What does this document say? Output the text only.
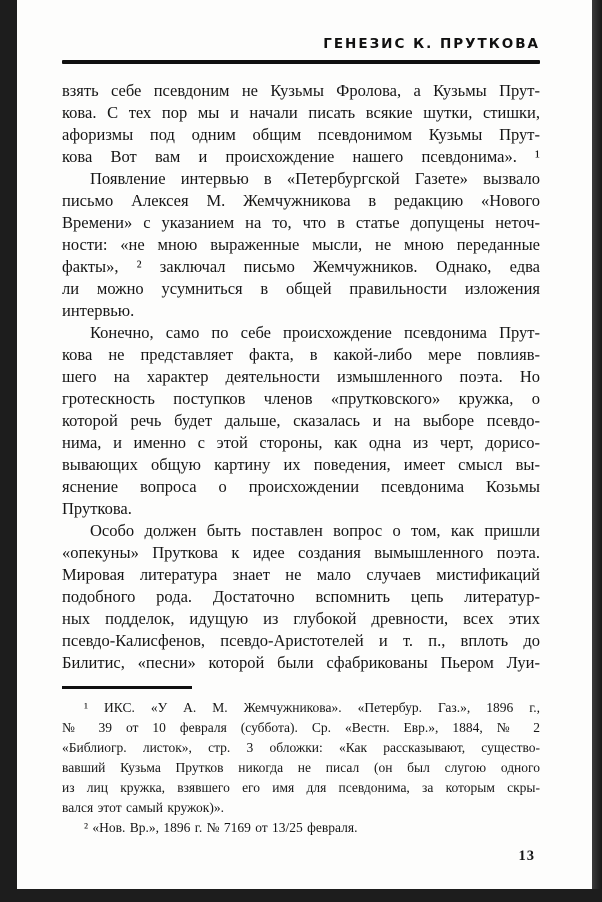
ГЕНЕЗИС К. ПРУТКОВА
взять себе псевдоним не Кузьмы Фролова, а Кузьмы Прут-
кова. С тех пор мы и начали писать всякие шутки, стишки,
афоризмы под одним общим псевдонимом Кузьмы Прут-
кова Вот вам и происхождение нашего псевдонима». ¹
Появление интервью в «Петербургской Газете» вызвало
письмо Алексея М. Жемчужникова в редакцию «Нового
Времени» с указанием на то, что в статье допущены неточ-
ности: «не мною выраженные мысли, не мною переданные
факты», ² заключал письмо Жемчужников. Однако, едва
ли можно усумниться в общей правильности изложения
интервью.
Конечно, само по себе происхождение псевдонима Прут-
кова не представляет факта, в какой-либо мере повлияв-
шего на характер деятельности измышленного поэта. Но
гротескность поступков членов «прутковского» кружка, о
которой речь будет дальше, сказалась и на выборе псевдо-
нима, и именно с этой стороны, как одна из черт, дорисо-
вывающих общую картину их поведения, имеет смысл вы-
яснение вопроса о происхождении псевдонима Козьмы
Пруткова.
Особо должен быть поставлен вопрос о том, как пришли
«опекуны» Пруткова к идее создания вымышленного поэта.
Мировая литература знает не мало случаев мистификаций
подобного рода. Достаточно вспомнить цепь литератур-
ных подделок, идущую из глубокой древности, всех этих
псевдо-Калисфенов, псевдо-Аристотелей и т. п., вплоть до
Билитис, «песни» которой были сфабрикованы Пьером Луи-
¹ ИКС. «У А. М. Жемчужникова». «Петербур. Газ.», 1896 г.,
№ 39 от 10 февраля (суббота). Ср. «Вестн. Евр.», 1884, № 2
«Библиогр. листок», стр. 3 обложки: «Как рассказывают, существо-
вавший Кузьма Прутков никогда не писал (он был слугою одного
из лиц кружка, взявшего его имя для псевдонима, за которым скры-
вался этот самый кружок)».
² «Нов. Вр.», 1896 г. № 7169 от 13/25 февраля.
13
